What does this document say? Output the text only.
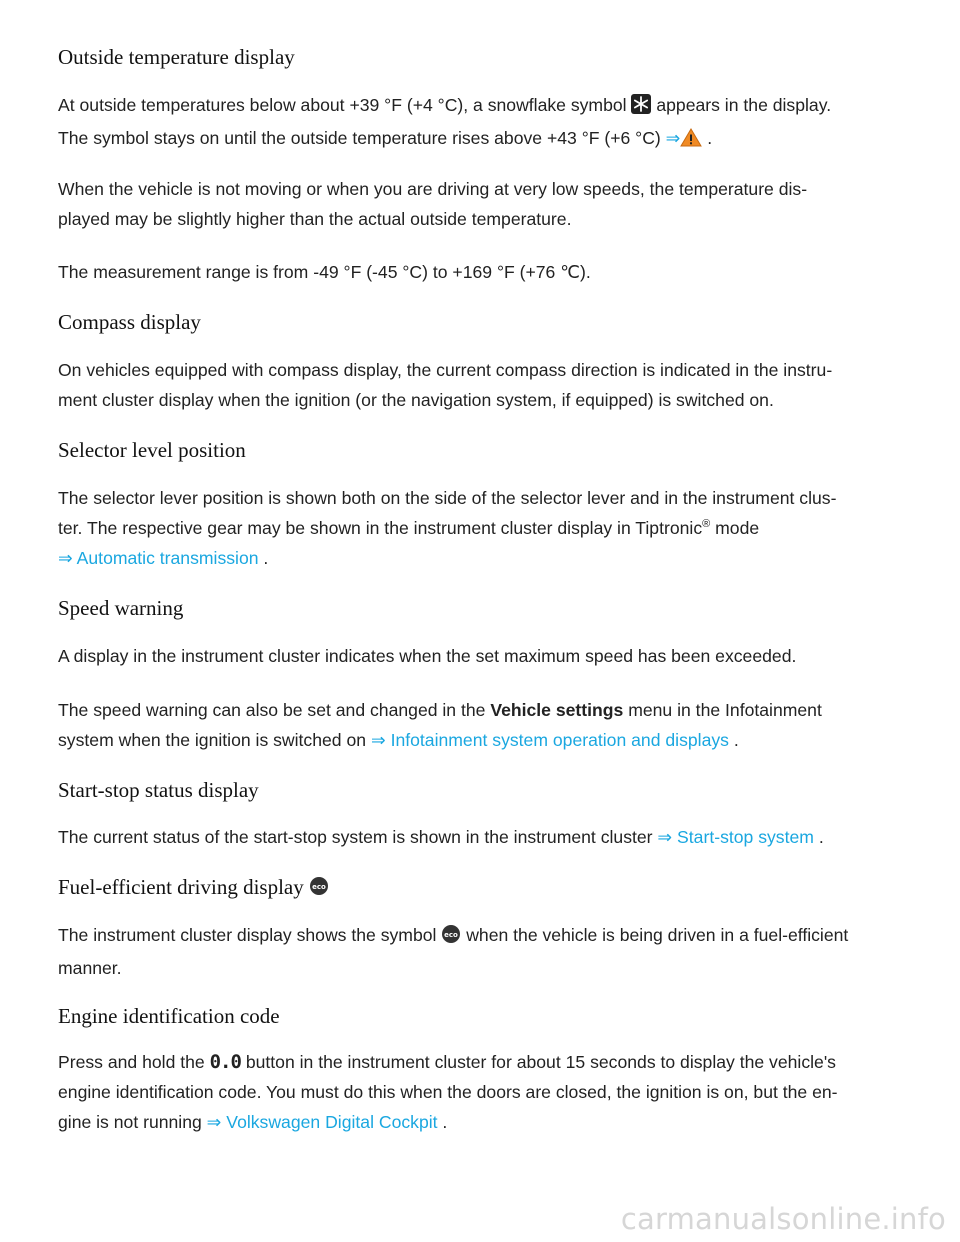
Outside temperature display

At outside temperatures below about +39 °F (+4 °C), a snowflake symbol  appears in the display.
The symbol stays on until the outside temperature rises above +43 °F (+6 °C) ⇒ .

When the vehicle is not moving or when you are driving at very low speeds, the temperature dis-
played may be slightly higher than the actual outside temperature.

The measurement range is from -49 °F (-45 °C) to +169 °F (+76 ℃).

Compass display

On vehicles equipped with compass display, the current compass direction is indicated in the instru-
ment cluster display when the ignition (or the navigation system, if equipped) is switched on.

Selector level position

The selector lever position is shown both on the side of the selector lever and in the instrument clus-
ter. The respective gear may be shown in the instrument cluster display in Tiptronic® mode
⇒ Automatic transmission .

Speed warning

A display in the instrument cluster indicates when the set maximum speed has been exceeded.

The speed warning can also be set and changed in the Vehicle settings menu in the Infotainment
system when the ignition is switched on ⇒ Infotainment system operation and displays .

Start-stop status display

The current status of the start-stop system is shown in the instrument cluster ⇒ Start-stop system .

Fuel-efficient driving display eco

The instrument cluster display shows the symbol eco when the vehicle is being driven in a fuel-efficient
manner.

Engine identification code

Press and hold the 0.0 button in the instrument cluster for about 15 seconds to display the vehicle's
engine identification code. You must do this when the doors are closed, the ignition is on, but the en-
gine is not running ⇒ Volkswagen Digital Cockpit .

carmanualsonline.info
